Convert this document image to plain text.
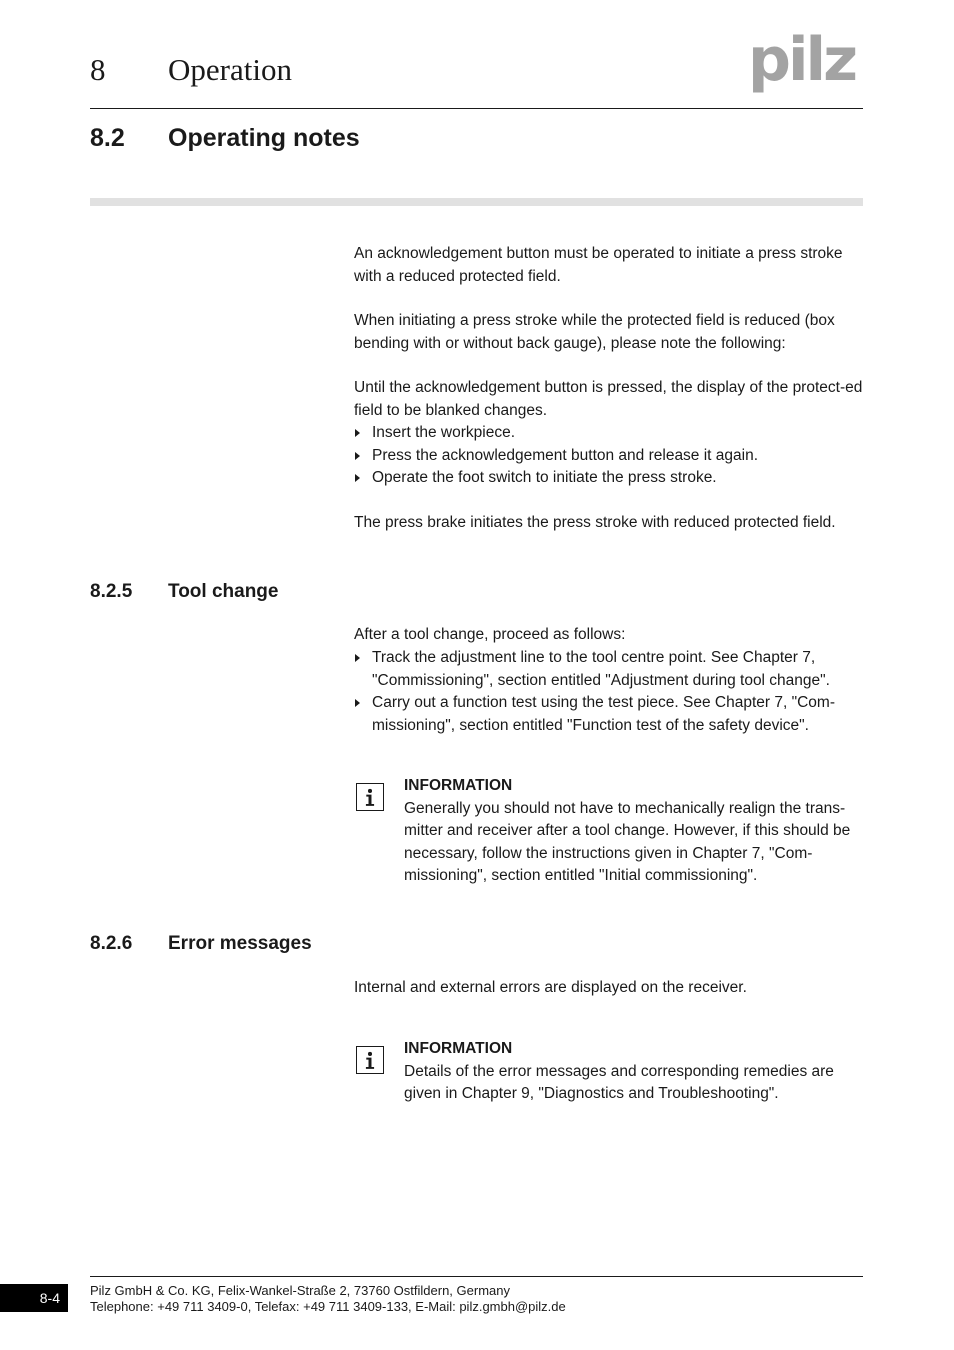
8 Operation	pilz
8.2 Operating notes

An acknowledgement button must be operated to initiate a press stroke with a reduced protected field.

When initiating a press stroke while the protected field is reduced (box bending with or without back gauge), please note the following:

Until the acknowledgement button is pressed, the display of the protect-ed field to be blanked changes.

Insert the workpiece.
Press the acknowledgement button and release it again.
Operate the foot switch to initiate the press stroke.

The press brake initiates the press stroke with reduced protected field.

8.2.5 Tool change

After a tool change, proceed as follows:

Track the adjustment line to the tool centre point. See Chapter 7, "Commissioning", section entitled "Adjustment during tool change".
Carry out a function test using the test piece. See Chapter 7, "Com-missioning", section entitled "Function test of the safety device".

INFORMATION

Generally you should not have to mechanically realign the trans-mitter and receiver after a tool change. However, if this should be necessary, follow the instructions given in Chapter 7, "Com-missioning", section entitled "Initial commissioning".

8.2.6 Error messages

Internal and external errors are displayed on the receiver.

INFORMATION

Details of the error messages and corresponding remedies are given in Chapter 9, "Diagnostics and Troubleshooting".

8-4	Pilz GmbH & Co. KG, Felix-Wankel-Straße 2, 73760 Ostfildern, Germany
Telephone: +49 711 3409-0, Telefax: +49 711 3409-133, E-Mail: pilz.gmbh@pilz.de
